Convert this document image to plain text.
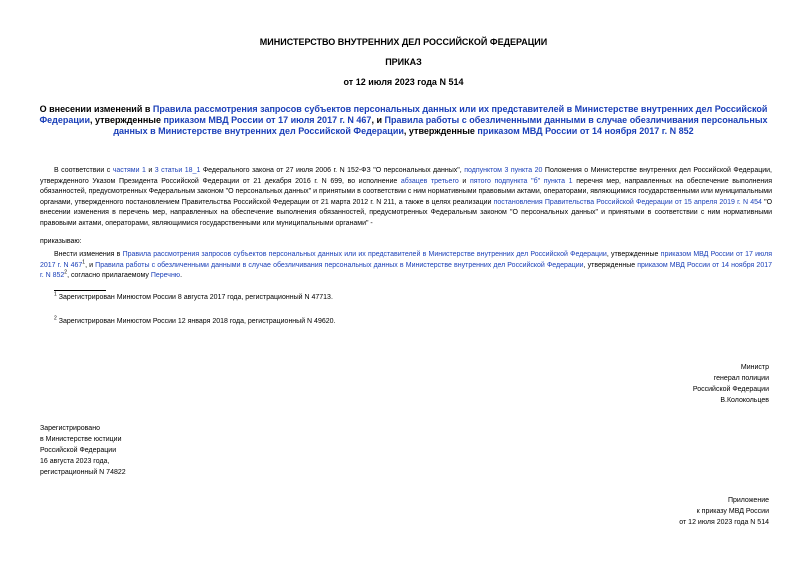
МИНИСТЕРСТВО ВНУТРЕННИХ ДЕЛ РОССИЙСКОЙ ФЕДЕРАЦИИ
ПРИКАЗ
от 12 июля 2023 года N 514
О внесении изменений в Правила рассмотрения запросов субъектов персональных данных или их представителей в Министерстве внутренних дел Российской Федерации, утвержденные приказом МВД России от 17 июля 2017 г. N 467, и Правила работы с обезличенными данными в случае обезличивания персональных данных в Министерстве внутренних дел Российской Федерации, утвержденные приказом МВД России от 14 ноября 2017 г. N 852
В соответствии с частями 1 и 3 статьи 18_1 Федерального закона от 27 июля 2006 г. N 152-ФЗ "О персональных данных", подпунктом 3 пункта 20 Положения о Министерстве внутренних дел Российской Федерации, утвержденного Указом Президента Российской Федерации от 21 декабря 2016 г. N 699, во исполнение абзацев третьего и пятого подпункта "б" пункта 1 перечня мер, направленных на обеспечение выполнения обязанностей, предусмотренных Федеральным законом "О персональных данных" и принятыми в соответствии с ним нормативными правовыми актами, операторами, являющимися государственными или муниципальными органами, утвержденного постановлением Правительства Российской Федерации от 21 марта 2012 г. N 211, а также в целях реализации постановления Правительства Российской Федерации от 15 апреля 2019 г. N 454 "О внесении изменения в перечень мер, направленных на обеспечение выполнения обязанностей, предусмотренных Федеральным законом "О персональных данных" и принятыми в соответствии с ним нормативными правовыми актами, операторами, являющимися государственными или муниципальными органами" -
приказываю:
Внести изменения в Правила рассмотрения запросов субъектов персональных данных или их представителей в Министерстве внутренних дел Российской Федерации, утвержденные приказом МВД России от 17 июля 2017 г. N $467^1$, и Правила работы с обезличенными данными в случае обезличивания персональных данных в Министерстве внутренних дел Российской Федерации, утвержденные приказом МВД России от 14 ноября 2017 г. N $852^2$, согласно прилагаемому Перечню.
$^1$ Зарегистрирован Минюстом России 8 августа 2017 года, регистрационный N 47713.
$^2$ Зарегистрирован Минюстом России 12 января 2018 года, регистрационный N 49620.
Министр
генерал полиции
Российской Федерации
В.Колокольцев
Зарегистрировано
в Министерстве юстиции
Российской Федерации
16 августа 2023 года,
регистрационный N 74822
Приложение
к приказу МВД России
от 12 июля 2023 года N 514
